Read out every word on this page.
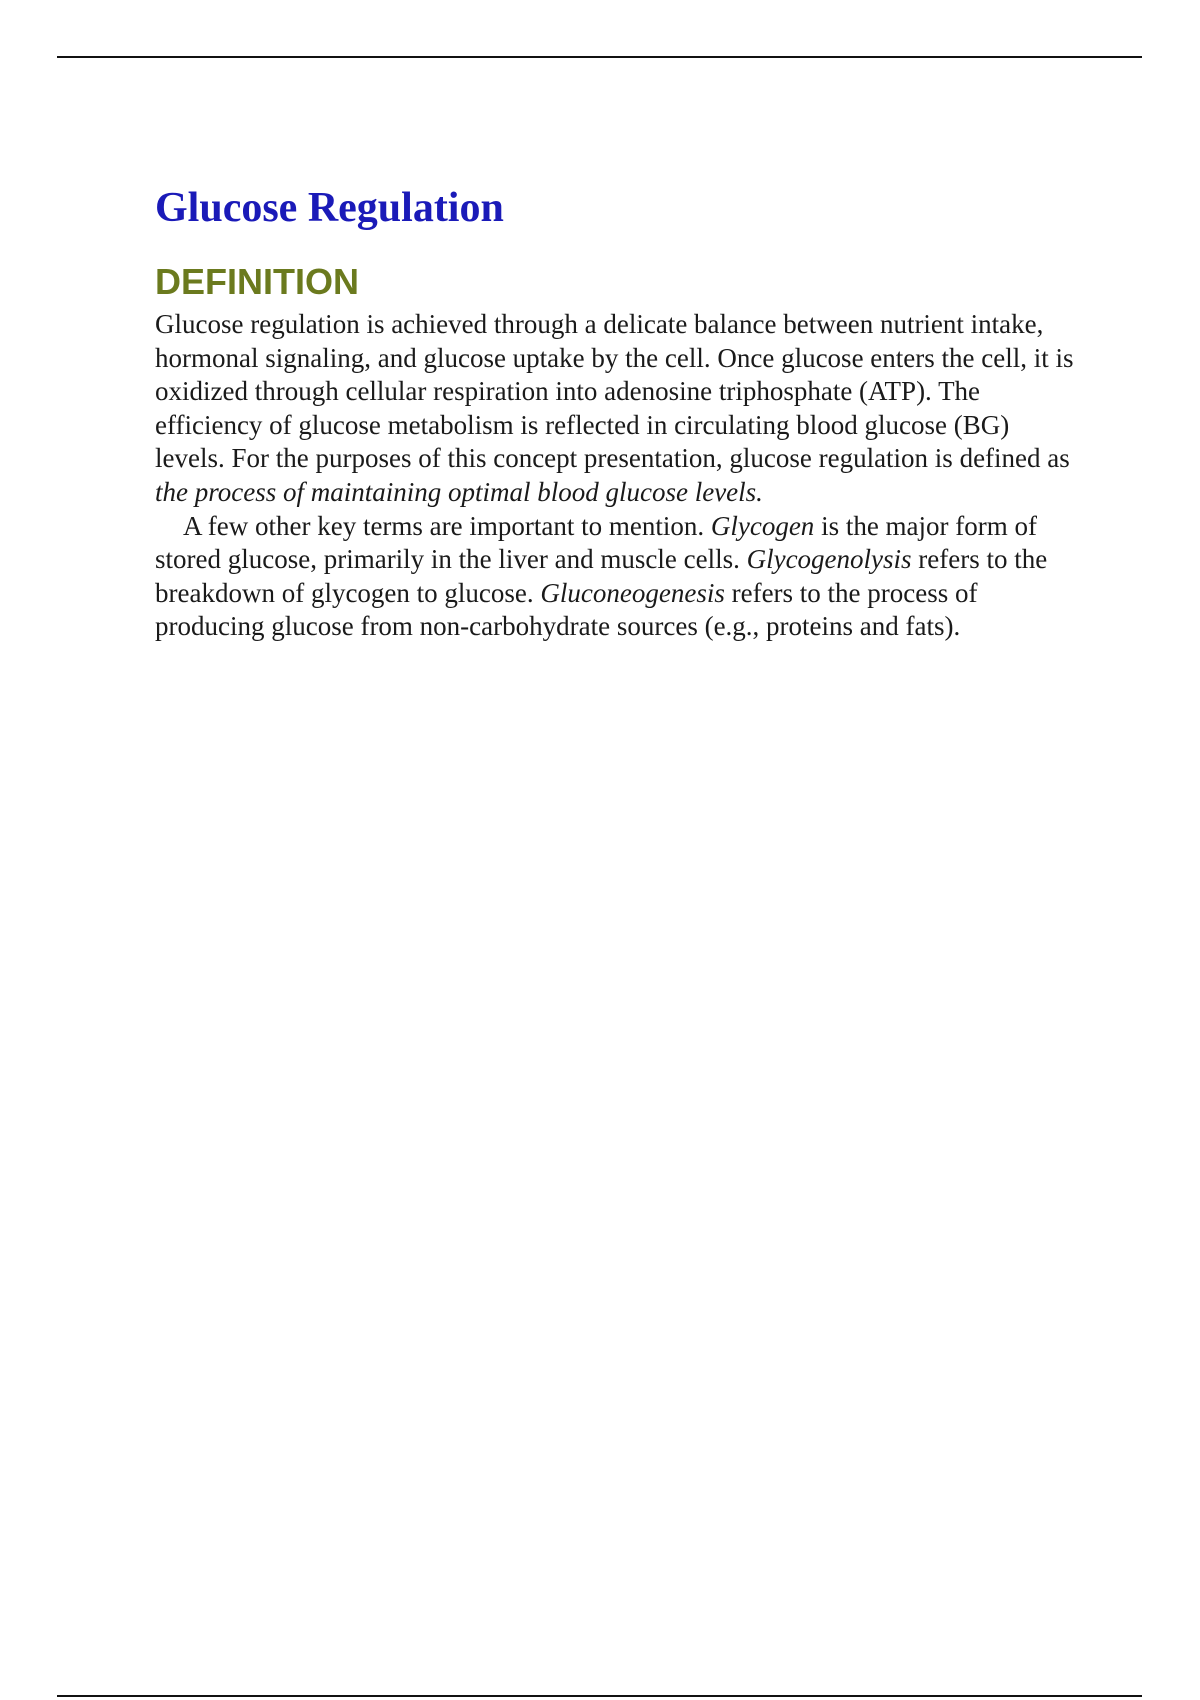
Glucose Regulation
DEFINITION

Glucose regulation is achieved through a delicate balance between nutrient intake, hormonal signaling, and glucose uptake by the cell. Once glucose enters the cell, it is oxidized through cellular respiration into adenosine triphosphate (ATP). The efficiency of glucose metabolism is reflected in circulating blood glucose (BG) levels. For the purposes of this concept presentation, glucose regulation is defined as the process of maintaining optimal blood glucose levels.

A few other key terms are important to mention. Glycogen is the major form of stored glucose, primarily in the liver and muscle cells. Glycogenolysis refers to the breakdown of glycogen to glucose. Gluconeogenesis refers to the process of producing glucose from non-carbohydrate sources (e.g., proteins and fats).
